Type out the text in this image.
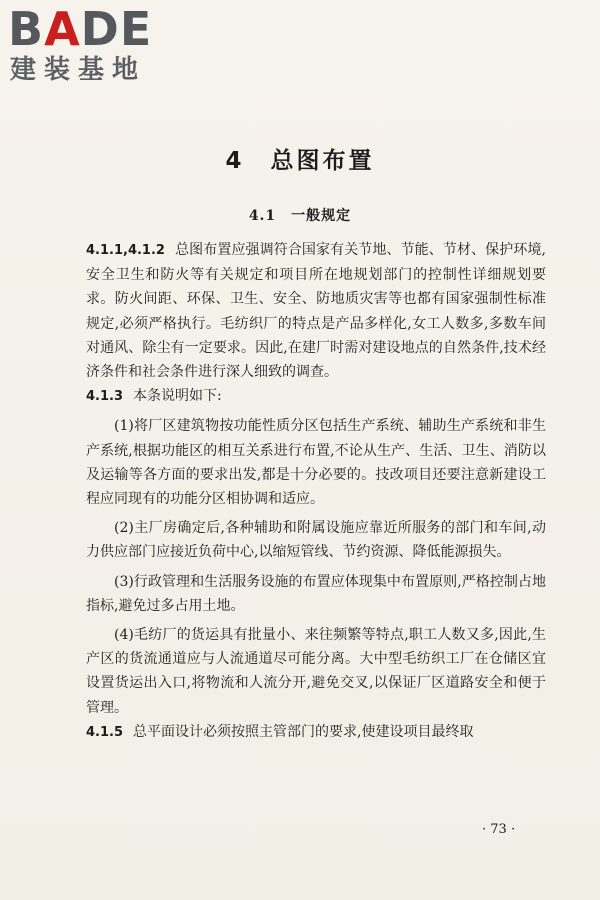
BADE
建装基地
4　总图布置
4.1　一般规定

4.1.1,4.1.2 总图布置应强调符合国家有关节地、节能、节材、保护环境,安全卫生和防火等有关规定和项目所在地规划部门的控制性详细规划要求。防火间距、环保、卫生、安全、防地质灾害等也都有国家强制性标准规定,必须严格执行。毛纺织厂的特点是产品多样化,女工人数多,多数车间对通风、除尘有一定要求。因此,在建厂时需对建设地点的自然条件,技术经济条件和社会条件进行深人细致的调查。

4.1.3 本条说明如下:

(1)将厂区建筑物按功能性质分区包括生产系统、辅助生产系统和非生产系统,根据功能区的相互关系进行布置,不论从生产、生活、卫生、消防以及运输等各方面的要求出发,都是十分必要的。技改项目还要注意新建设工程应同现有的功能分区相协调和适应。

(2)主厂房确定后,各种辅助和附属设施应靠近所服务的部门和车间,动力供应部门应接近负荷中心,以缩短管线、节约资源、降低能源损失。

(3)行政管理和生活服务设施的布置应体现集中布置原则,严格控制占地指标,避免过多占用土地。

(4)毛纺厂的货运具有批量小、来往频繁等特点,职工人数又多,因此,生产区的货流通道应与人流通道尽可能分离。大中型毛纺织工厂在仓储区宜设置货运出入口,将物流和人流分开,避免交叉,以保证厂区道路安全和便于管理。

4.1.5 总平面设计必须按照主管部门的要求,使建设项目最终取

· 73 ·
